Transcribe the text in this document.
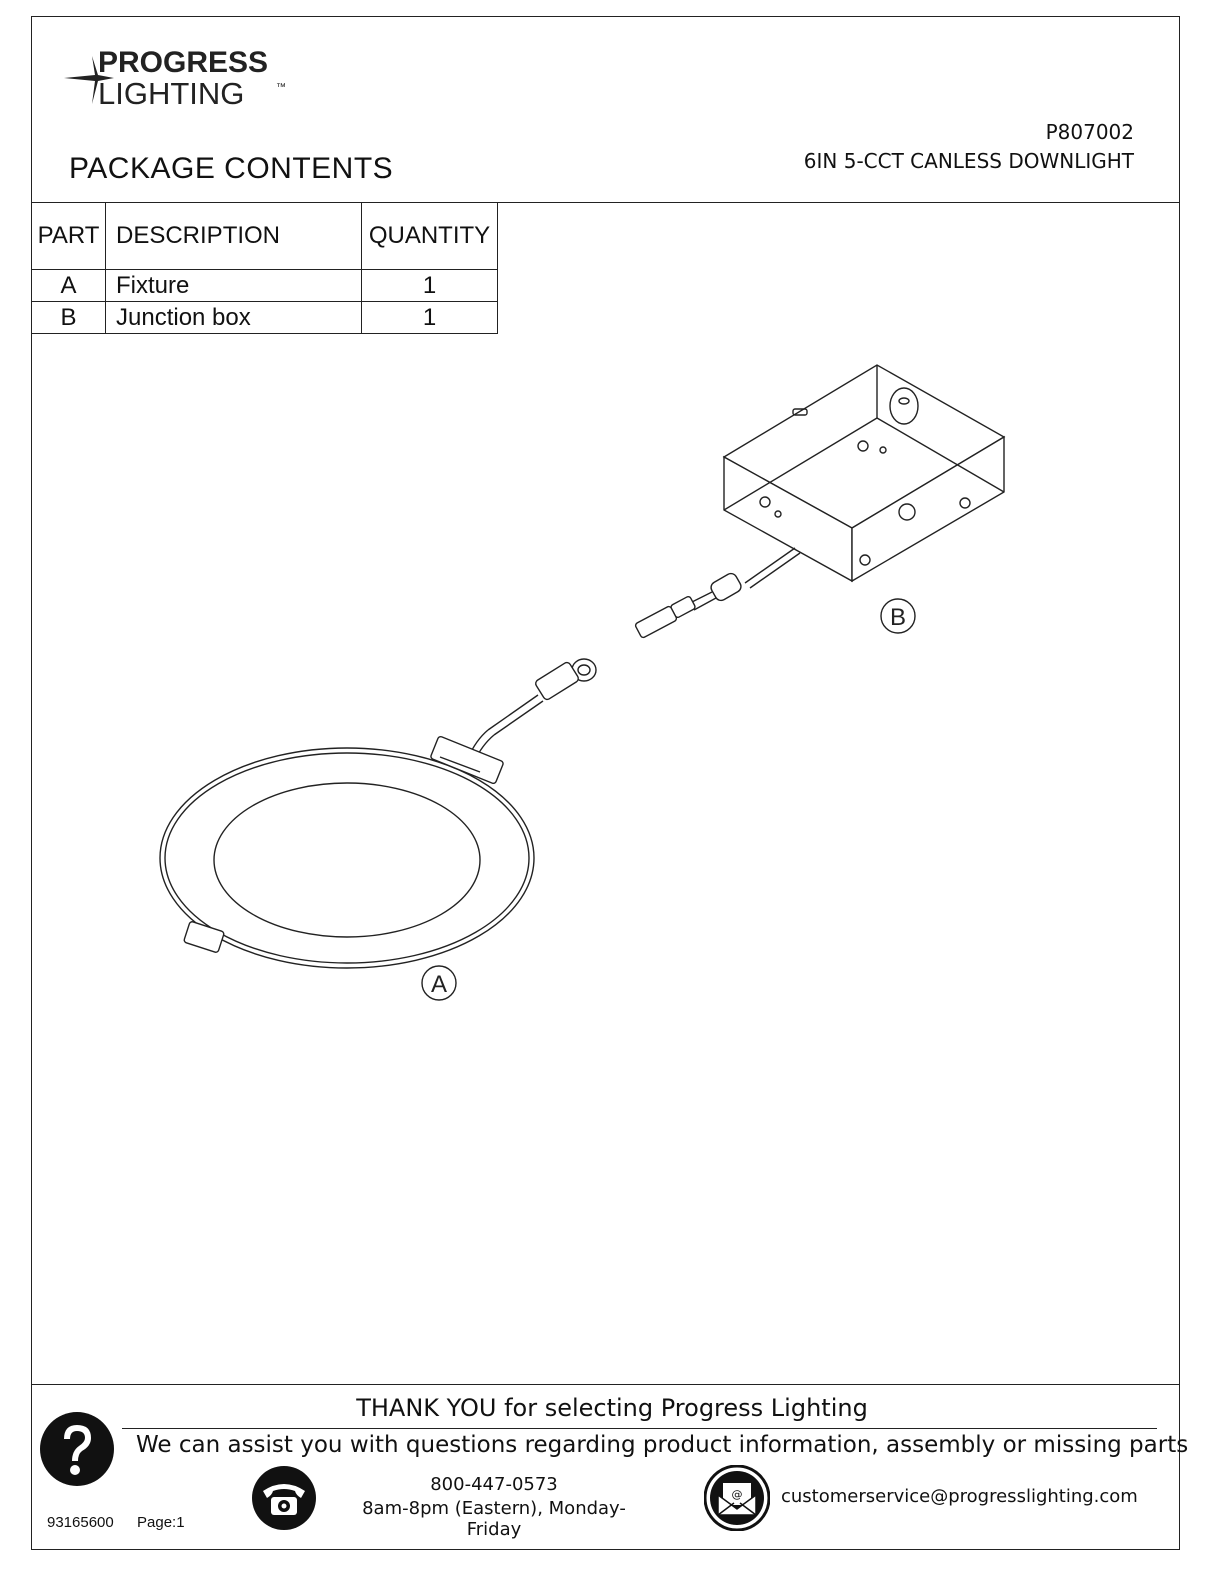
PROGRESS
LIGHTING	™
PACKAGE CONTENTS
P807002
6IN 5-CCT CANLESS DOWNLIGHT
PART	DESCRIPTION	QUANTITY
A	Fixture	1
B	Junction box	1
B
A
THANK YOU for selecting Progress Lighting
We can assist you with questions regarding product information, assembly or missing parts
800-447-0573
8am-8pm (Eastern), Monday-Friday
@ customerservice@progresslighting.com
93165600 Page:1
